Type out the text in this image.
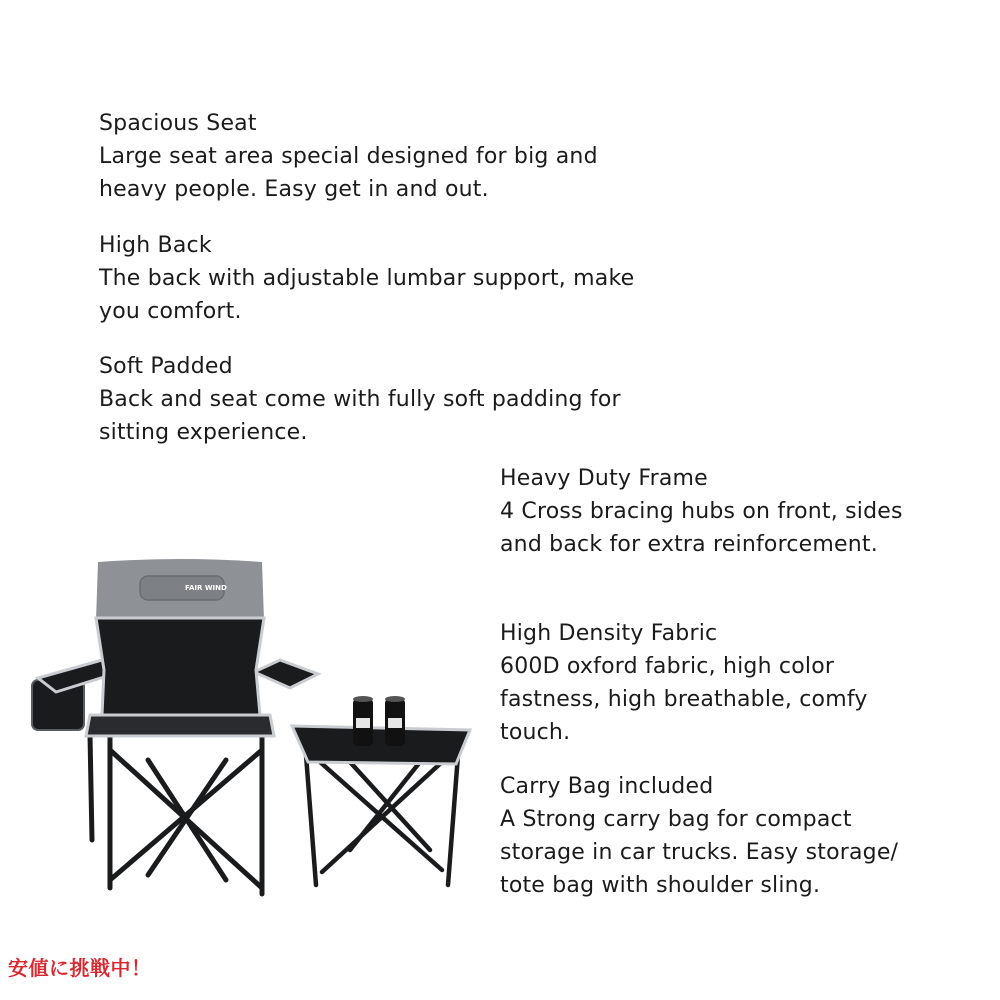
Spacious Seat

Large seat area special designed for big and heavy people. Easy get in and out.

High Back

The back with adjustable lumbar support, make you comfort.

Soft Padded

Back and seat come with fully soft padding for sitting experience.

Heavy Duty Frame

4 Cross bracing hubs on front, sides and back for extra reinforcement.

High Density Fabric

600D oxford fabric, high color fastness, high breathable, comfy touch.

Carry Bag included

A Strong carry bag for compact storage in car trucks. Easy storage/ tote bag with shoulder sling.

FAIR WIND
安値に挑戦中！
